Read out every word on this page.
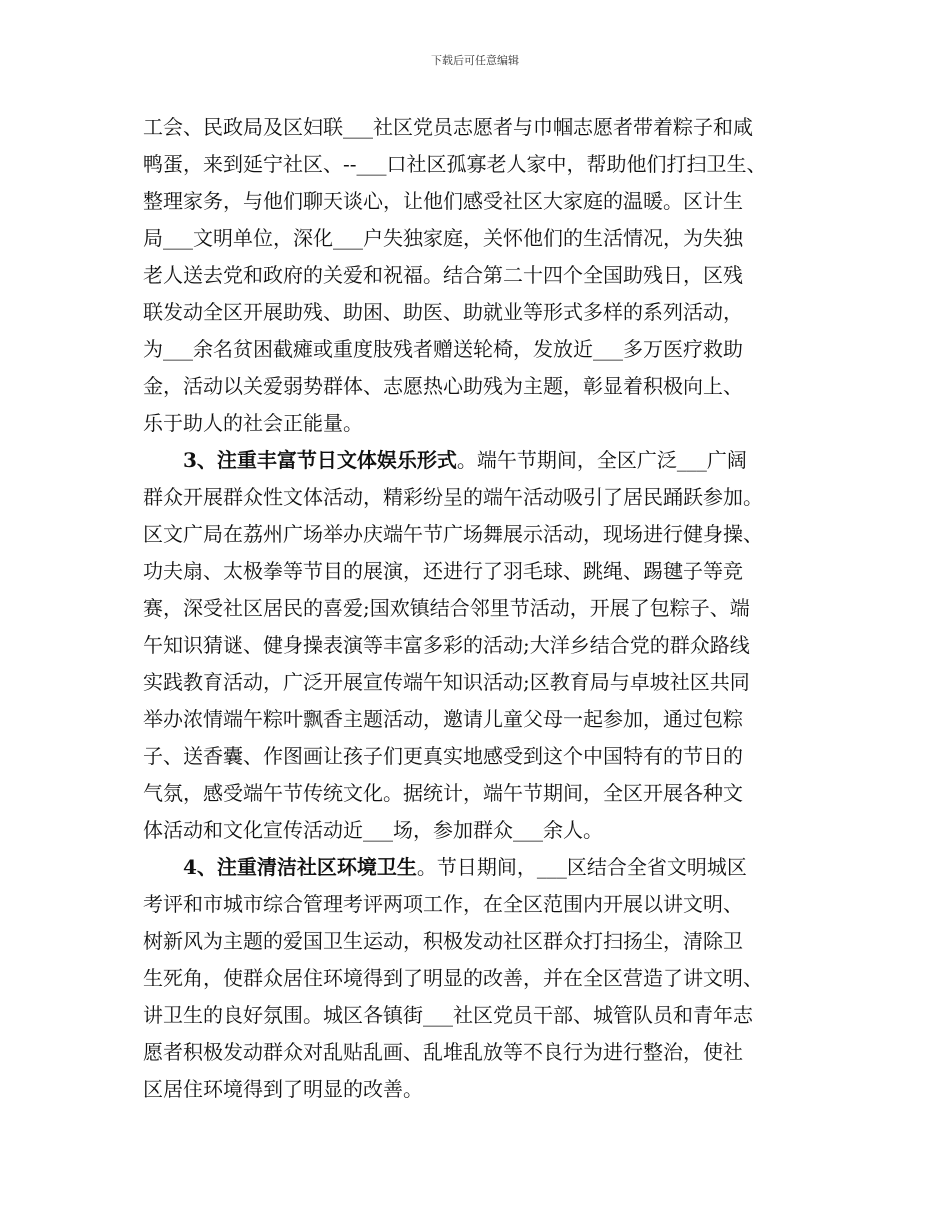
下载后可任意编辑
工会、民政局及区妇联___社区党员志愿者与巾帼志愿者带着粽子和咸
鸭蛋，来到延宁社区、--___口社区孤寡老人家中，帮助他们打扫卫生、
整理家务，与他们聊天谈心，让他们感受社区大家庭的温暖。区计生
局___文明单位，深化___户失独家庭，关怀他们的生活情况，为失独
老人送去党和政府的关爱和祝福。结合第二十四个全国助残日，区残
联发动全区开展助残、助困、助医、助就业等形式多样的系列活动，
为___余名贫困截瘫或重度肢残者赠送轮椅，发放近___多万医疗救助
金，活动以关爱弱势群体、志愿热心助残为主题，彰显着积极向上、
乐于助人的社会正能量。
3、注重丰富节日文体娱乐形式。端午节期间，全区广泛___广阔
群众开展群众性文体活动，精彩纷呈的端午活动吸引了居民踊跃参加。
区文广局在荔州广场举办庆端午节广场舞展示活动，现场进行健身操、
功夫扇、太极拳等节目的展演，还进行了羽毛球、跳绳、踢毽子等竞
赛，深受社区居民的喜爱;国欢镇结合邻里节活动，开展了包粽子、端
午知识猜谜、健身操表演等丰富多彩的活动;大洋乡结合党的群众路线
实践教育活动，广泛开展宣传端午知识活动;区教育局与卓坡社区共同
举办浓情端午粽叶飘香主题活动，邀请儿童父母一起参加，通过包粽
子、送香囊、作图画让孩子们更真实地感受到这个中国特有的节日的
气氛，感受端午节传统文化。据统计，端午节期间，全区开展各种文
体活动和文化宣传活动近___场，参加群众___余人。
4、注重清洁社区环境卫生。节日期间，___区结合全省文明城区
考评和市城市综合管理考评两项工作，在全区范围内开展以讲文明、
树新风为主题的爱国卫生运动，积极发动社区群众打扫扬尘，清除卫
生死角，使群众居住环境得到了明显的改善，并在全区营造了讲文明、
讲卫生的良好氛围。城区各镇街___社区党员干部、城管队员和青年志
愿者积极发动群众对乱贴乱画、乱堆乱放等不良行为进行整治，使社
区居住环境得到了明显的改善。
